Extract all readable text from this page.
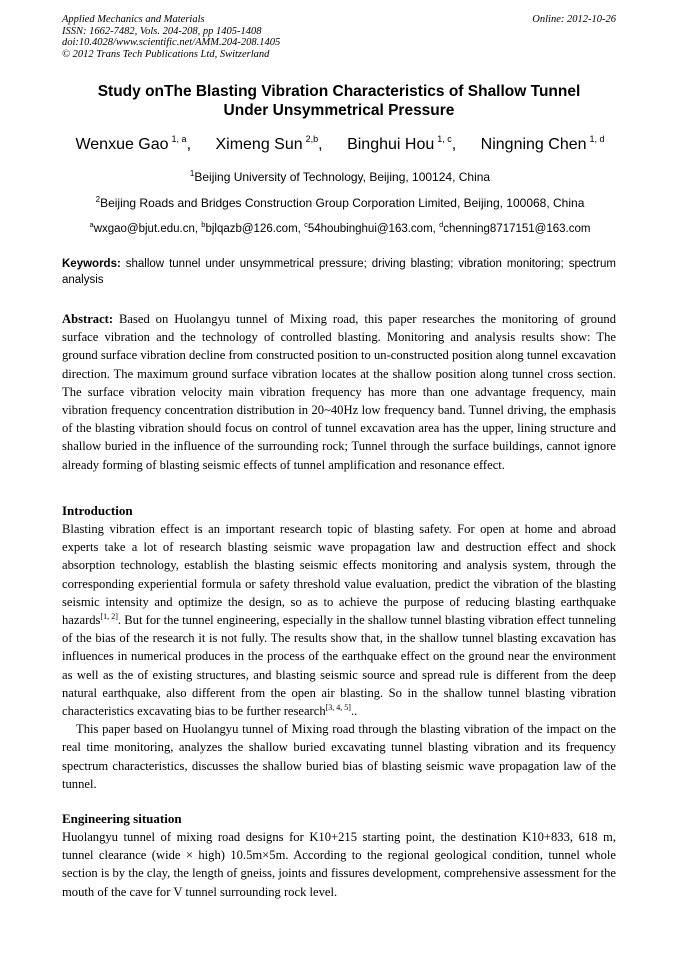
Applied Mechanics and Materials
ISSN: 1662-7482, Vols. 204-208, pp 1405-1408
doi:10.4028/www.scientific.net/AMM.204-208.1405
© 2012 Trans Tech Publications Ltd, Switzerland
Online: 2012-10-26
Study onThe Blasting Vibration Characteristics of Shallow Tunnel
Under Unsymmetrical Pressure
Wenxue Gao $^{1, a}$, Ximeng Sun $^{2,b}$, Binghui Hou $^{1, c}$, Ningning Chen $^{1, d}$
$^1$Beijing University of Technology, Beijing, 100124, China
$^2$Beijing Roads and Bridges Construction Group Corporation Limited, Beijing, 100068, China
$^a$wxgao@bjut.edu.cn, $^b$bjlqazb@126.com, $^c$54houbinghui@163.com, $^d$chenning8717151@163.com
Keywords: shallow tunnel under unsymmetrical pressure; driving blasting; vibration monitoring; spectrum analysis

Abstract: Based on Huolangyu tunnel of Mixing road, this paper researches the monitoring of ground surface vibration and the technology of controlled blasting. Monitoring and analysis results show: The ground surface vibration decline from constructed position to un-constructed position along tunnel excavation direction. The maximum ground surface vibration locates at the shallow position along tunnel cross section. The surface vibration velocity main vibration frequency has more than one advantage frequency, main vibration frequency concentration distribution in 20~40Hz low frequency band. Tunnel driving, the emphasis of the blasting vibration should focus on control of tunnel excavation area has the upper, lining structure and shallow buried in the influence of the surrounding rock; Tunnel through the surface buildings, cannot ignore already forming of blasting seismic effects of tunnel amplification and resonance effect.

Introduction

Blasting vibration effect is an important research topic of blasting safety. For open at home and abroad experts take a lot of research blasting seismic wave propagation law and destruction effect and shock absorption technology, establish the blasting seismic effects monitoring and analysis system, through the corresponding experiential formula or safety threshold value evaluation, predict the vibration of the blasting seismic intensity and optimize the design, so as to achieve the purpose of reducing blasting earthquake hazards[1, 2]. But for the tunnel engineering, especially in the shallow tunnel blasting vibration effect tunneling of the bias of the research it is not fully. The results show that, in the shallow tunnel blasting excavation has influences in numerical produces in the process of the earthquake effect on the ground near the environment as well as the of existing structures, and blasting seismic source and spread rule is different from the deep natural earthquake, also different from the open air blasting. So in the shallow tunnel blasting vibration characteristics excavating bias to be further research[3, 4, 5]..

This paper based on Huolangyu tunnel of Mixing road through the blasting vibration of the impact on the real time monitoring, analyzes the shallow buried excavating tunnel blasting vibration and its frequency spectrum characteristics, discusses the shallow buried bias of blasting seismic wave propagation law of the tunnel.

Engineering situation

Huolangyu tunnel of mixing road designs for K10+215 starting point, the destination K10+833, 618 m, tunnel clearance (wide × high) 10.5m×5m. According to the regional geological condition, tunnel whole section is by the clay, the length of gneiss, joints and fissures development, comprehensive assessment for the mouth of the cave for V tunnel surrounding rock level.
